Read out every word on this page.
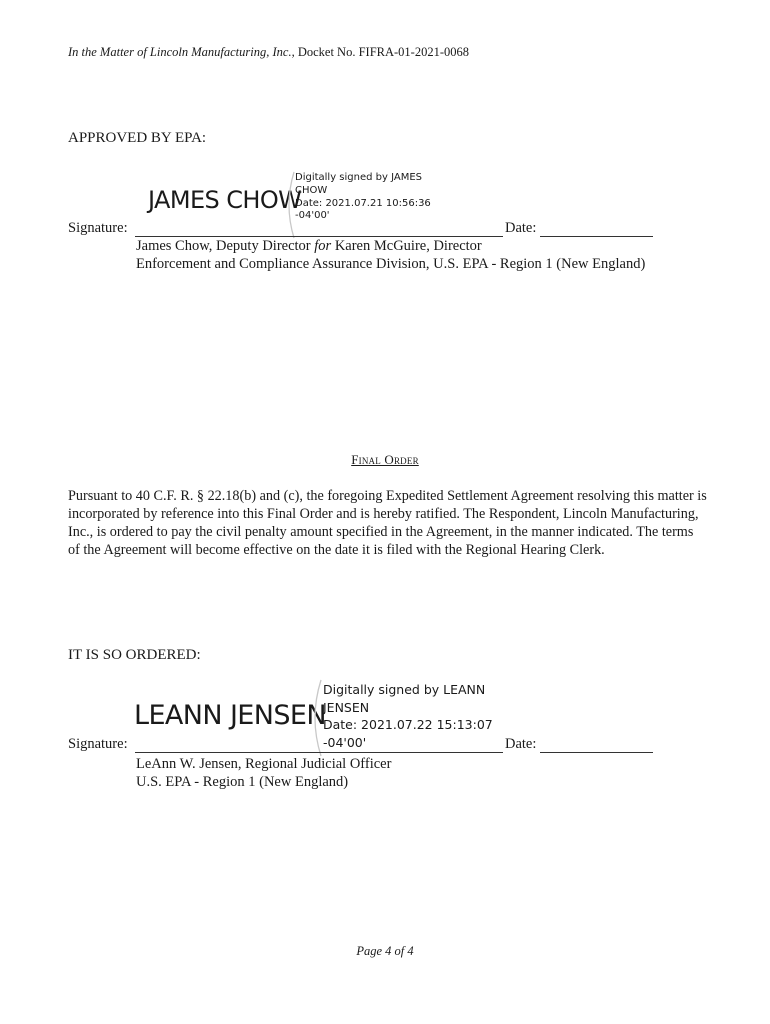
In the Matter of Lincoln Manufacturing, Inc., Docket No. FIFRA-01-2021-0068
APPROVED BY EPA:
JAMES CHOW
Digitally signed by JAMES
CHOW
Date: 2021.07.21 10:56:36
-04'00'
Signature:	Date:
James Chow, Deputy Director for Karen McGuire, Director
Enforcement and Compliance Assurance Division, U.S. EPA - Region 1 (New England)
Final Order
Pursuant to 40 C.F. R. § 22.18(b) and (c), the foregoing Expedited Settlement Agreement resolving this matter is incorporated by reference into this Final Order and is hereby ratified. The Respondent, Lincoln Manufacturing, Inc., is ordered to pay the civil penalty amount specified in the Agreement, in the manner indicated. The terms of the Agreement will become effective on the date it is filed with the Regional Hearing Clerk.
IT IS SO ORDERED:
LEANN JENSEN
Digitally signed by LEANN
JENSEN
Date: 2021.07.22 15:13:07
-04'00'
Signature:	Date:
LeAnn W. Jensen, Regional Judicial Officer
U.S. EPA - Region 1 (New England)
Page 4 of 4
